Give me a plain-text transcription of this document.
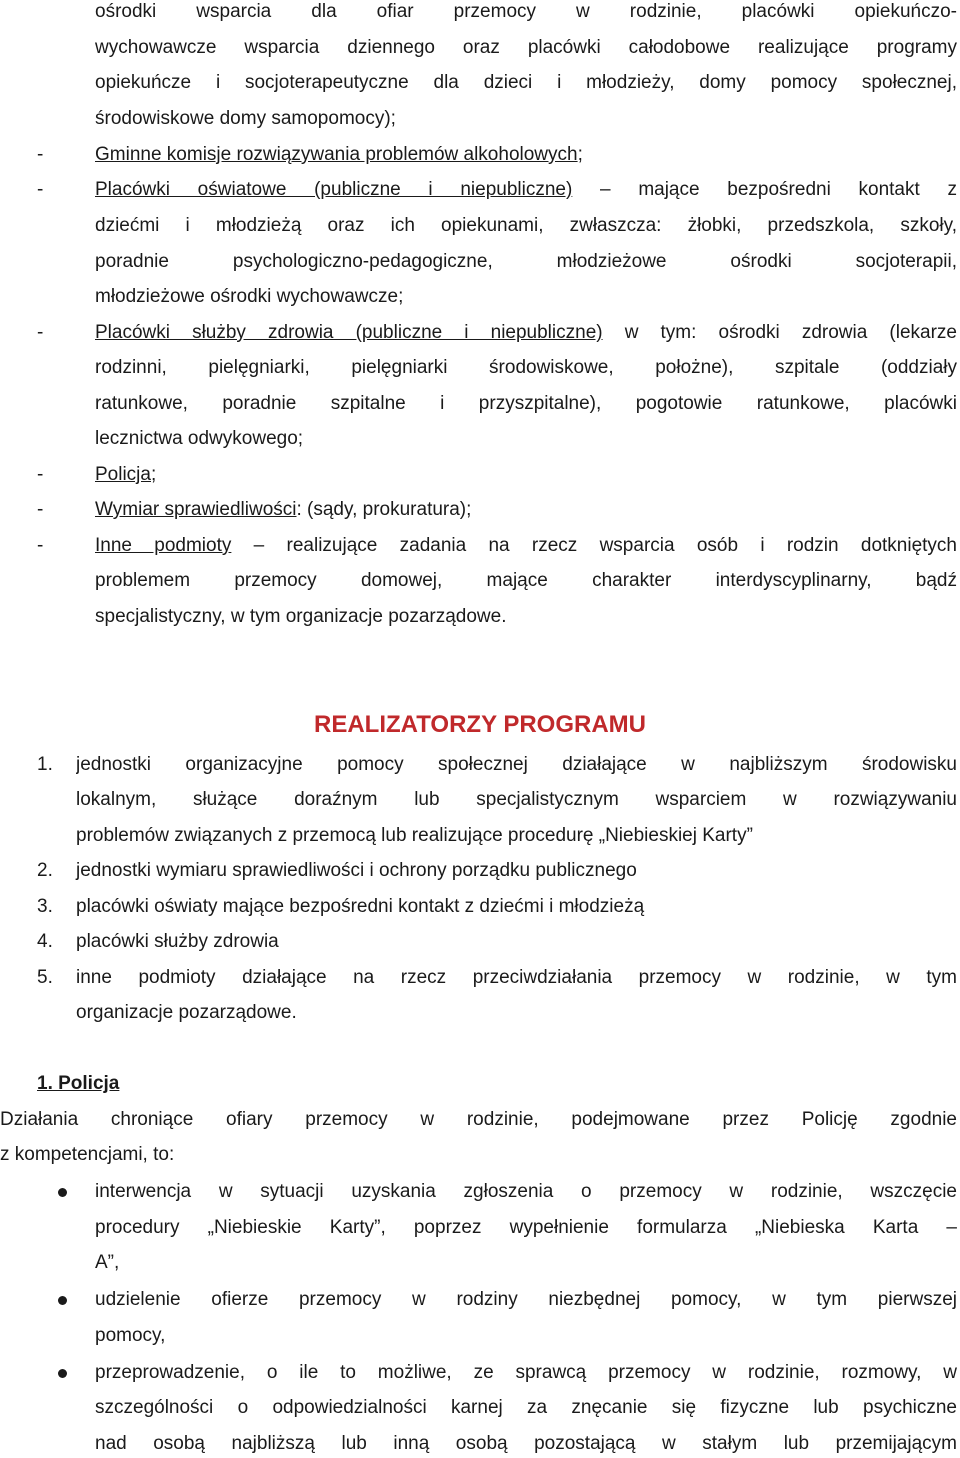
ośrodki wsparcia dla ofiar przemocy w rodzinie, placówki opiekuńczo-
wychowawcze wsparcia dziennego oraz placówki całodobowe realizujące programy
opiekuńcze i socjoterapeutyczne dla dzieci i młodzieży, domy pomocy społecznej,
środowiskowe domy samopomocy);
-	Gminne komisje rozwiązywania problemów alkoholowych;
-	Placówki oświatowe (publiczne i niepubliczne) – mające bezpośredni kontakt z
dziećmi i młodzieżą oraz ich opiekunami, zwłaszcza: żłobki, przedszkola, szkoły,
poradnie psychologiczno-pedagogiczne, młodzieżowe ośrodki socjoterapii,
młodzieżowe ośrodki wychowawcze;
-	Placówki służby zdrowia (publiczne i niepubliczne) w tym: ośrodki zdrowia (lekarze
rodzinni, pielęgniarki, pielęgniarki środowiskowe, położne), szpitale (oddziały
ratunkowe, poradnie szpitalne i przyszpitalne), pogotowie ratunkowe, placówki
lecznictwa odwykowego;
-	Policja;
-	Wymiar sprawiedliwości: (sądy, prokuratura);
-	Inne podmioty – realizujące zadania na rzecz wsparcia osób i rodzin dotkniętych
problemem przemocy domowej, mające charakter interdyscyplinarny, bądź
specjalistyczny, w tym organizacje pozarządowe.
REALIZATORZY PROGRAMU
1. jednostki organizacyjne pomocy społecznej działające w najbliższym środowisku
lokalnym, służące doraźnym lub specjalistycznym wsparciem w rozwiązywaniu
problemów związanych z przemocą lub realizujące procedurę „Niebieskiej Karty”
2. jednostki wymiaru sprawiedliwości i ochrony porządku publicznego
3. placówki oświaty mające bezpośredni kontakt z dziećmi i młodzieżą
4. placówki służby zdrowia
5. inne podmioty działające na rzecz przeciwdziałania przemocy w rodzinie, w tym
organizacje pozarządowe.
1. Policja
Działania chroniące ofiary przemocy w rodzinie, podejmowane przez Policję zgodnie
z kompetencjami, to:
interwencja w sytuacji uzyskania zgłoszenia o przemocy w rodzinie, wszczęcie
procedury „Niebieskie Karty”, poprzez wypełnienie formularza „Niebieska Karta –
A”,
udzielenie ofierze przemocy w rodziny niezbędnej pomocy, w tym pierwszej
pomocy,
przeprowadzenie, o ile to możliwe, ze sprawcą przemocy w rodzinie, rozmowy, w
szczególności o odpowiedzialności karnej za znęcanie się fizyczne lub psychiczne
nad osobą najbliższą lub inną osobą pozostającą w stałym lub przemijającym
